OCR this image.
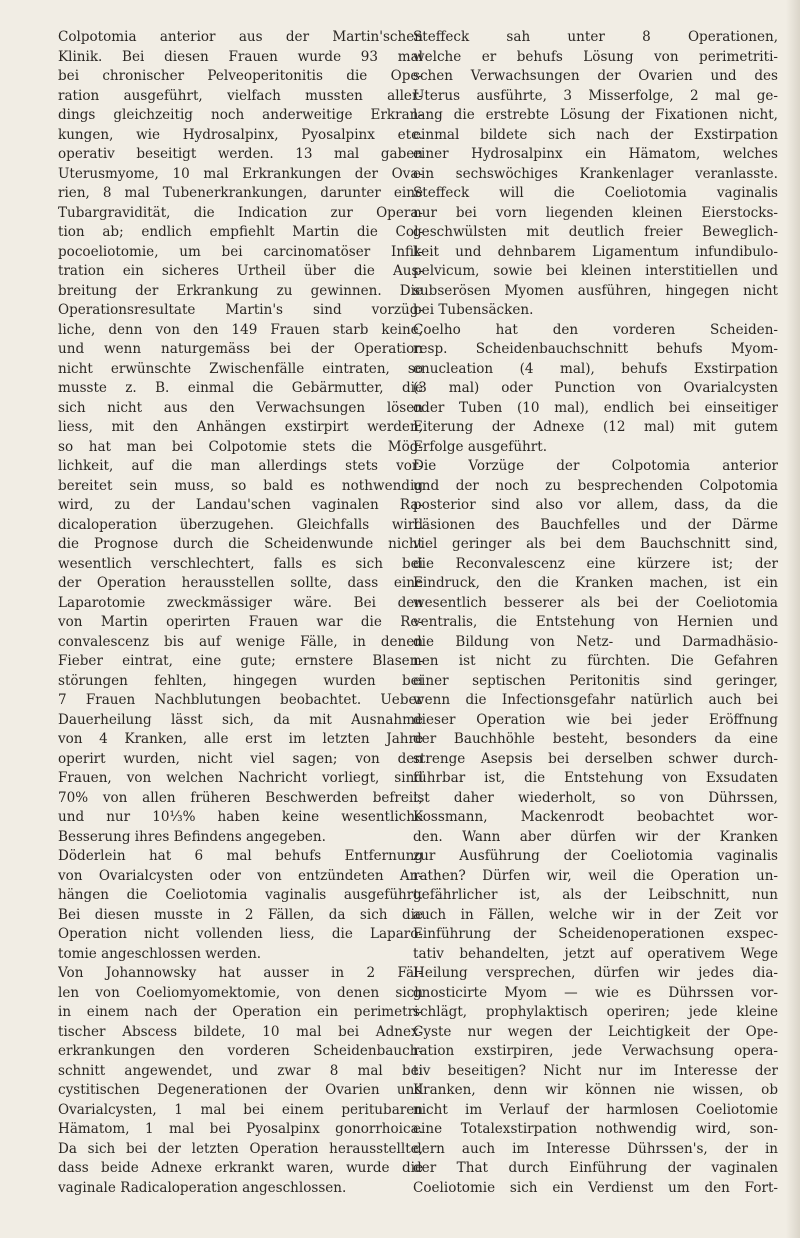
Colpotomia anterior aus der Martin'schen
Klinik. Bei diesen Frauen wurde 93 mal
bei chronischer Pelveoperitonitis die Ope-
ration ausgeführt, vielfach mussten aller-
dings gleichzeitig noch anderweitige Erkran-
kungen, wie Hydrosalpinx, Pyosalpinx etc.
operativ beseitigt werden. 13 mal gaben
Uterusmyome, 10 mal Erkrankungen der Ova-
rien, 8 mal Tubenerkrankungen, darunter eine
Tubargravidität, die Indication zur Opera-
tion ab; endlich empfiehlt Martin die Col-
pocoeliotomie, um bei carcinomatöser Infil-
tration ein sicheres Urtheil über die Aus-
breitung der Erkrankung zu gewinnen. Die
Operationsresultate Martin's sind vorzüg-
liche, denn von den 149 Frauen starb keine,
und wenn naturgemäss bei der Operation
nicht erwünschte Zwischenfälle eintraten, so
musste z. B. einmal die Gebärmutter, die
sich nicht aus den Verwachsungen lösen
liess, mit den Anhängen exstirpirt werden,
so hat man bei Colpotomie stets die Mög-
lichkeit, auf die man allerdings stets vor-
bereitet sein muss, so bald es nothwendig
wird, zu der Landau'schen vaginalen Ra-
dicaloperation überzugehen. Gleichfalls wird
die Prognose durch die Scheidenwunde nicht
wesentlich verschlechtert, falls es sich bei
der Operation herausstellen sollte, dass eine
Laparotomie zweckmässiger wäre. Bei den
von Martin operirten Frauen war die Re-
convalescenz bis auf wenige Fälle, in denen
Fieber eintrat, eine gute; ernstere Blasen-
störungen fehlten, hingegen wurden bei
7 Frauen Nachblutungen beobachtet. Ueber
Dauerheilung lässt sich, da mit Ausnahme
von 4 Kranken, alle erst im letzten Jahre
operirt wurden, nicht viel sagen; von den
Frauen, von welchen Nachricht vorliegt, sind
70% von allen früheren Beschwerden befreit,
und nur 10⅓% haben keine wesentliche
Besserung ihres Befindens angegeben.
Döderlein hat 6 mal behufs Entfernung
von Ovarialcysten oder von entzündeten An-
hängen die Coeliotomia vaginalis ausgeführt.
Bei diesen musste in 2 Fällen, da sich die
Operation nicht vollenden liess, die Laparo-
tomie angeschlossen werden.
Von Johannowsky hat ausser in 2 Fäl-
len von Coeliomyomektomie, von denen sich
in einem nach der Operation ein perimetri-
tischer Abscess bildete, 10 mal bei Adnex-
erkrankungen den vorderen Scheidenbauch-
schnitt angewendet, und zwar 8 mal bei
cystitischen Degenerationen der Ovarien und
Ovarialcysten, 1 mal bei einem peritubaren
Hämatom, 1 mal bei Pyosalpinx gonorrhoica.
Da sich bei der letzten Operation herausstellte,
dass beide Adnexe erkrankt waren, wurde die
vaginale Radicaloperation angeschlossen.
Steffeck sah unter 8 Operationen,
welche er behufs Lösung von perimetriti-
schen Verwachsungen der Ovarien und des
Uterus ausführte, 3 Misserfolge, 2 mal ge-
lang die erstrebte Lösung der Fixationen nicht,
einmal bildete sich nach der Exstirpation
einer Hydrosalpinx ein Hämatom, welches
ein sechswöchiges Krankenlager veranlasste.
Steffeck will die Coeliotomia vaginalis
nur bei vorn liegenden kleinen Eierstocks-
geschwülsten mit deutlich freier Beweglich-
keit und dehnbarem Ligamentum infundibulo-
pelvicum, sowie bei kleinen interstitiellen und
subserösen Myomen ausführen, hingegen nicht
bei Tubensäcken.
Coelho hat den vorderen Scheiden-
resp. Scheidenbauchschnitt behufs Myom-
enucleation (4 mal), behufs Exstirpation
(3 mal) oder Punction von Ovarialcysten
oder Tuben (10 mal), endlich bei einseitiger
Eiterung der Adnexe (12 mal) mit gutem
Erfolge ausgeführt.
Die Vorzüge der Colpotomia anterior
und der noch zu besprechenden Colpotomia
posterior sind also vor allem, dass, da die
Läsionen des Bauchfelles und der Därme
viel geringer als bei dem Bauchschnitt sind,
die Reconvalescenz eine kürzere ist; der
Eindruck, den die Kranken machen, ist ein
wesentlich besserer als bei der Coeliotomia
ventralis, die Entstehung von Hernien und
die Bildung von Netz- und Darmadhäsio-
nen ist nicht zu fürchten. Die Gefahren
einer septischen Peritonitis sind geringer,
wenn die Infectionsgefahr natürlich auch bei
dieser Operation wie bei jeder Eröffnung
der Bauchhöhle besteht, besonders da eine
strenge Asepsis bei derselben schwer durch-
führbar ist, die Entstehung von Exsudaten
ist daher wiederholt, so von Dührssen,
Kossmann, Mackenrodt beobachtet wor-
den. Wann aber dürfen wir der Kranken
zur Ausführung der Coeliotomia vaginalis
rathen? Dürfen wir, weil die Operation un-
gefährlicher ist, als der Leibschnitt, nun
auch in Fällen, welche wir in der Zeit vor
Einführung der Scheidenoperationen exspec-
tativ behandelten, jetzt auf operativem Wege
Heilung versprechen, dürfen wir jedes dia-
gnosticirte Myom — wie es Dührssen vor-
schlägt, prophylaktisch operiren; jede kleine
Cyste nur wegen der Leichtigkeit der Ope-
ration exstirpiren, jede Verwachsung opera-
tiv beseitigen? Nicht nur im Interesse der
Kranken, denn wir können nie wissen, ob
nicht im Verlauf der harmlosen Coeliotomie
eine Totalexstirpation nothwendig wird, son-
dern auch im Interesse Dührssen's, der in
der That durch Einführung der vaginalen
Coeliotomie sich ein Verdienst um den Fort-
